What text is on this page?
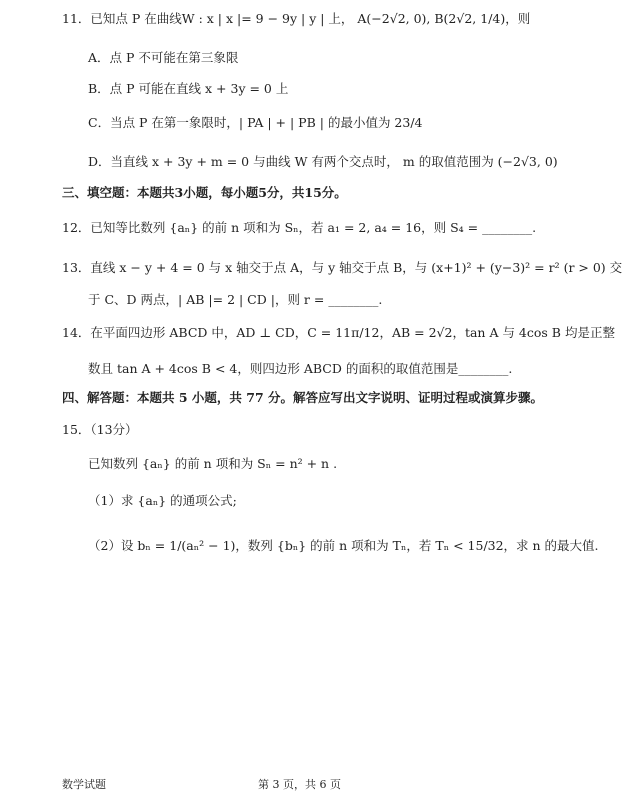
11．已知点 P 在曲线W : x | x |= 9 − 9y | y | 上， A(−2√2, 0), B(2√2, 1/4)，则
A．点 P 不可能在第三象限
B．点 P 可能在直线 x + 3y = 0 上
C．当点 P 在第一象限时，| PA | + | PB | 的最小值为 23/4
D．当直线 x + 3y + m = 0 与曲线 W 有两个交点时， m 的取值范围为 (−2√3, 0)
三、填空题：本题共3小题，每小题5分，共15分。
12．已知等比数列 {aₙ} 的前 n 项和为 Sₙ，若 a₁ = 2, a₄ = 16，则 S₄ = ________.
13．直线 x − y + 4 = 0 与 x 轴交于点 A，与 y 轴交于点 B，与 (x+1)² + (y−3)² = r² (r > 0) 交
于 C、D 两点，| AB |= 2 | CD |，则 r = ________.
14．在平面四边形 ABCD 中，AD ⊥ CD，C = 11π/12，AB = 2√2，tan A 与 4cos B 均是正整
数且 tan A + 4cos B < 4，则四边形 ABCD 的面积的取值范围是________.
四、解答题：本题共 5 小题，共 77 分。解答应写出文字说明、证明过程或演算步骤。
15．（13分）
已知数列 {aₙ} 的前 n 项和为 Sₙ = n² + n .
（1）求 {aₙ} 的通项公式;
（2）设 bₙ = 1/(aₙ² − 1)，数列 {bₙ} 的前 n 项和为 Tₙ，若 Tₙ < 15/32，求 n 的最大值.
数学试题	第 3 页，共 6 页
